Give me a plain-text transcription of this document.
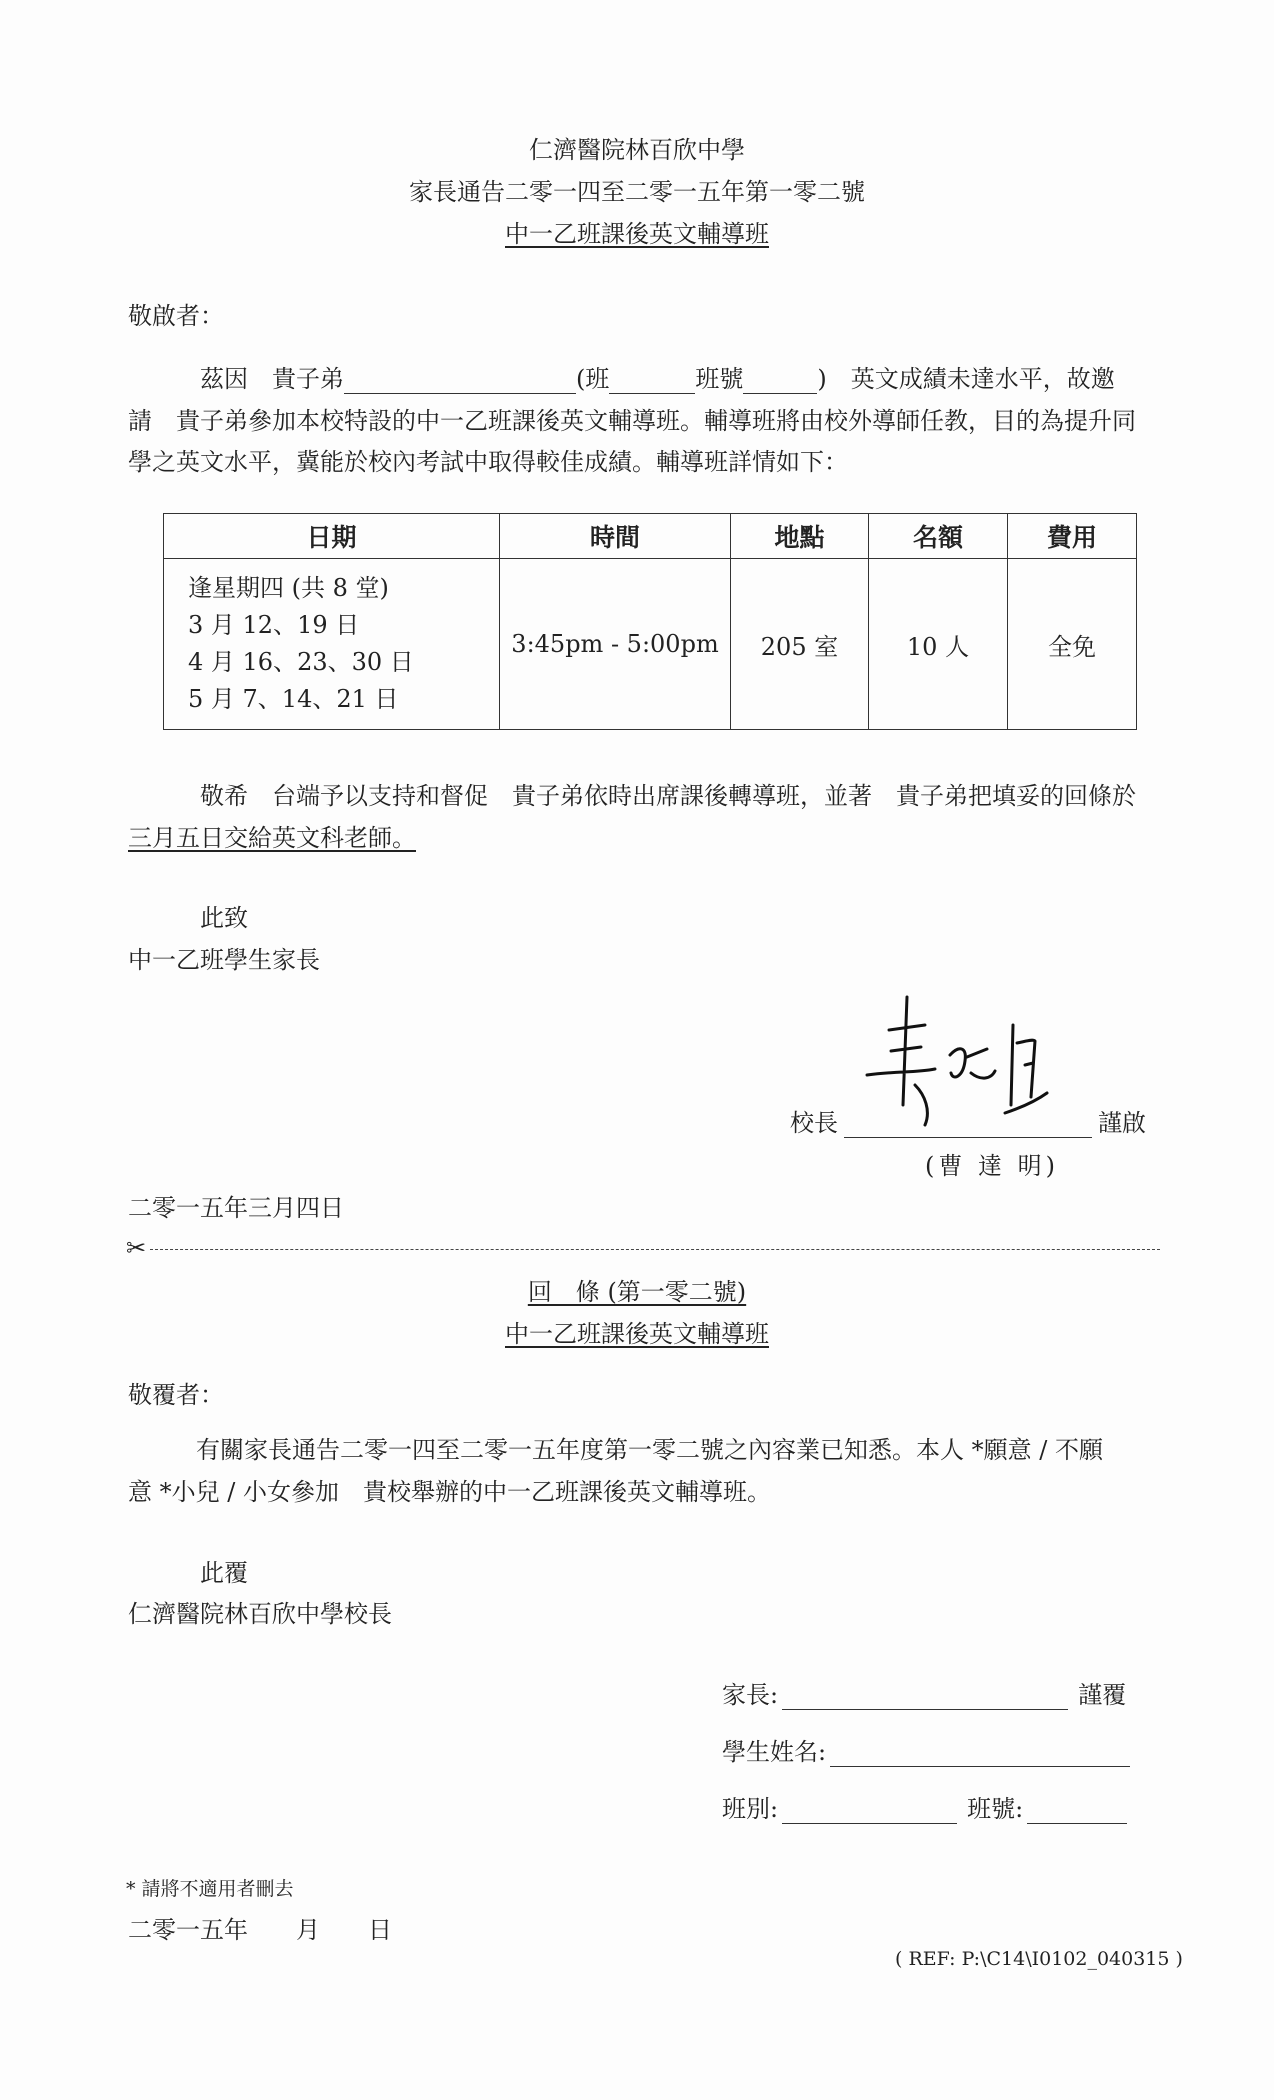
仁濟醫院林百欣中學
家長通告二零一四至二零一五年第一零二號
中一乙班課後英文輔導班
敬啟者：
茲因　貴子弟	(班	班號	)　英文成績未達水平，故邀
請　貴子弟參加本校特設的中一乙班課後英文輔導班。輔導班將由校外導師任教，目的為提升同
學之英文水平，冀能於校內考試中取得較佳成績。輔導班詳情如下：
日期	時間	地點	名額	費用

逢星期四 (共 8 堂)
3 月 12、19 日
4 月 16、23、30 日
5 月 7、14、21 日	3:45pm - 5:00pm	205 室	10 人	全免
敬希　台端予以支持和督促　貴子弟依時出席課後轉導班，並著　貴子弟把填妥的回條於
三月五日交給英文科老師。
此致
中一乙班學生家長
校長	謹啟
(曹 達 明)
二零一五年三月四日
✂
回　條 (第一零二號)
中一乙班課後英文輔導班
敬覆者：
有關家長通告二零一四至二零一五年度第一零二號之內容業已知悉。本人 *願意 / 不願
意 *小兒 / 小女參加　貴校舉辦的中一乙班課後英文輔導班。
此覆
仁濟醫院林百欣中學校長
家長:	謹覆
學生姓名:
班別:	班號:
* 請將不適用者刪去
二零一五年　　月　　日
( REF: P:\C14\I0102_040315 )
